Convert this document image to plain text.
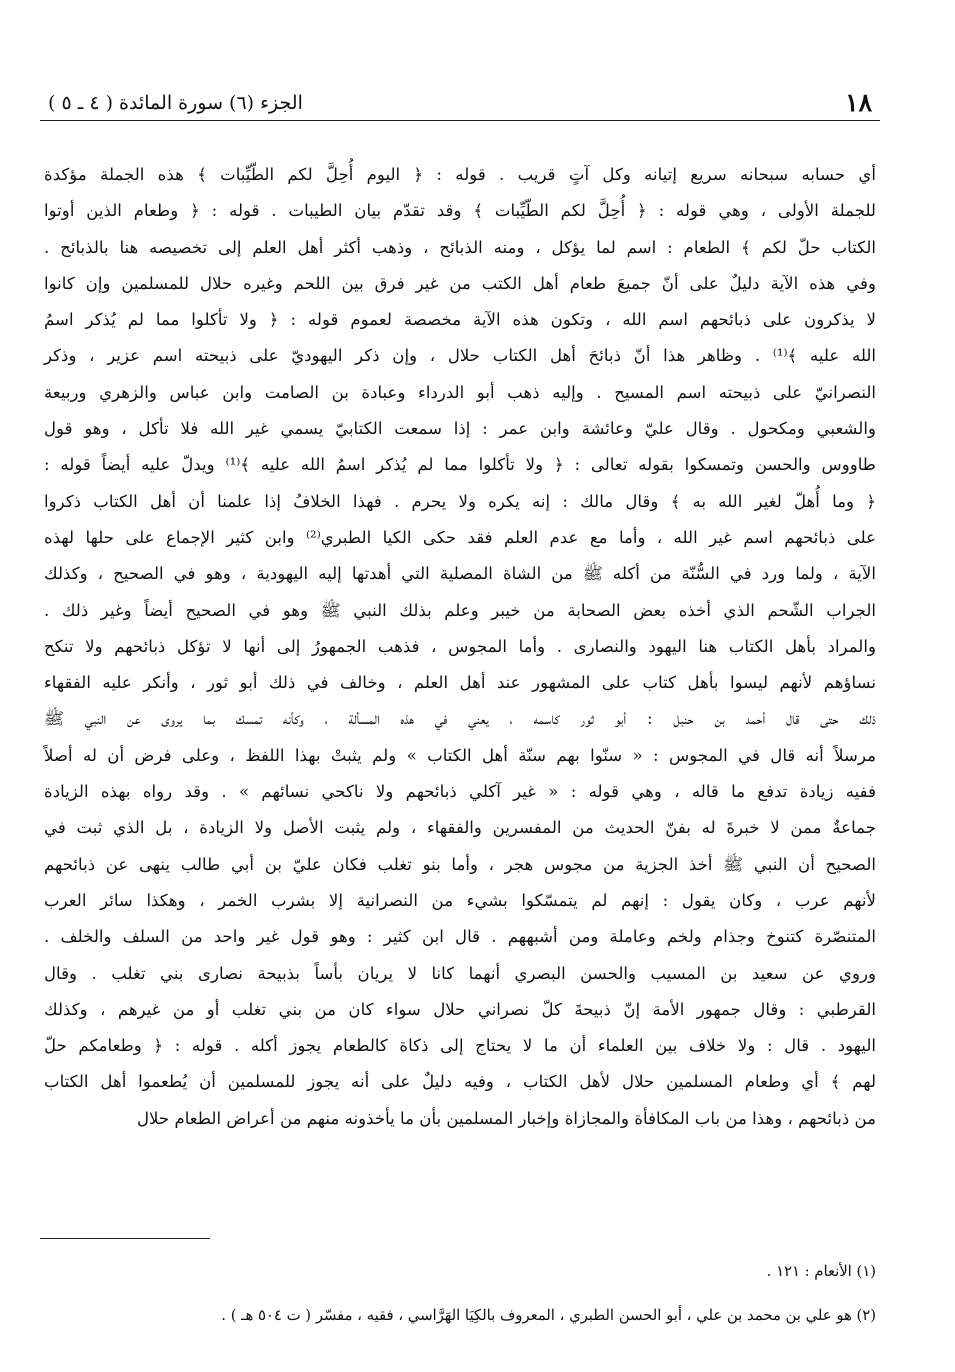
١٨
الجزء (٦) سورة المائدة ( ٤ ـ ٥ )
أي حسابه سبحانه سريع إتيانه وكل آتٍ قريب . قوله : ﴿ اليوم أُحِلَّ لكم الطّيِّبات ﴾ هذه الجملة مؤكدة
للجملة الأولى ، وهي قوله : ﴿ أُحِلَّ لكم الطّيِّبات ﴾ وقد تقدّم بيان الطيبات . قوله : ﴿ وطعام الذين أوتوا
الكتاب حلّ لكم ﴾ الطعام : اسم لما يؤكل ، ومنه الذبائح ، وذهب أكثر أهل العلم إلى تخصيصه هنا بالذبائح .
وفي هذه الآية دليلٌ على أنّ جميعَ طعام أهل الكتب من غير فرق بين اللحم وغيره حلال للمسلمين وإن كانوا
لا يذكرون على ذبائحهم اسم الله ، وتكون هذه الآية مخصصة لعموم قوله : ﴿ ولا تأكلوا مما لم يُذكر اسمُ
الله عليه ﴾⁽¹⁾ . وظاهر هذا أنّ ذبائحَ أهل الكتاب حلال ، وإن ذكر اليهوديّ على ذبيحته اسم عزير ، وذكر
النصرانيّ على ذبيحته اسم المسيح . وإليه ذهب أبو الدرداء وعبادة بن الصامت وابن عباس والزهري وربيعة
والشعبي ومكحول . وقال عليّ وعائشة وابن عمر : إذا سمعت الكتابيّ يسمي غير الله فلا تأكل ، وهو قول
طاووس والحسن وتمسكوا بقوله تعالى : ﴿ ولا تأكلوا مما لم يُذكر اسمُ الله عليه ﴾⁽¹⁾ ويدلّ عليه أيضاً قوله :
﴿ وما أُهلّ لغير الله به ﴾ وقال مالك : إنه يكره ولا يحرم . فهذا الخلافُ إذا علمنا أن أهل الكتاب ذكروا
على ذبائحهم اسم غير الله ، وأما مع عدم العلم فقد حكى الكيا الطبري⁽²⁾ وابن كثير الإجماع على حلها لهذه
الآية ، ولما ورد في السُّنّة من أكله ﷺ من الشاة المصلية التي أهدتها إليه اليهودية ، وهو في الصحيح ، وكذلك
الجراب الشّحم الذي أخذه بعض الصحابة من خيبر وعلم بذلك النبي ﷺ وهو في الصحيح أيضاً وغير ذلك .
والمراد بأهل الكتاب هنا اليهود والنصارى . وأما المجوس ، فذهب الجمهورُ إلى أنها لا تؤكل ذبائحهم ولا تنكح
نساؤهم لأنهم ليسوا بأهل كتاب على المشهور عند أهل العلم ، وخالف في ذلك أبو ثور ، وأنكر عليه الفقهاء
ذلك حتى قال أحمد بن حنبل : أبو ثور كاسمه ، يعني في هذه المسألة ، وكأنه تمسك بما يروى عن النبي ﷺ
مرسلاً أنه قال في المجوس : « سنّوا بهم سنّة أهل الكتاب » ولم يثبتْ بهذا اللفظ ، وعلى فرض أن له أصلاً
ففيه زيادة تدفع ما قاله ، وهي قوله : « غير آكلي ذبائحهم ولا ناكحي نسائهم » . وقد رواه بهذه الزيادة
جماعةٌ ممن لا خبرةَ له بفنّ الحديث من المفسرين والفقهاء ، ولم يثبت الأصل ولا الزيادة ، بل الذي ثبت في
الصحيح أن النبي ﷺ أخذ الجزية من مجوس هجر ، وأما بنو تغلب فكان عليّ بن أبي طالب ينهى عن ذبائحهم
لأنهم عرب ، وكان يقول : إنهم لم يتمسّكوا بشيء من النصرانية إلا بشرب الخمر ، وهكذا سائر العرب
المتنصّرة كتنوخ وجذام ولخم وعاملة ومن أشبههم . قال ابن كثير : وهو قول غير واحد من السلف والخلف .
وروي عن سعيد بن المسيب والحسن البصري أنهما كانا لا يريان بأساً بذبيحة نصارى بني تغلب . وقال
القرطبي : وقال جمهور الأمة إنّ ذبيحةَ كلّ نصراني حلال سواء كان من بني تغلب أو من غيرهم ، وكذلك
اليهود . قال : ولا خلاف بين العلماء أن ما لا يحتاج إلى ذكاة كالطعام يجوز أكله . قوله : ﴿ وطعامكم حلّ
لهم ﴾ أي وطعام المسلمين حلال لأهل الكتاب ، وفيه دليلٌ على أنه يجوز للمسلمين أن يُطعموا أهل الكتاب
من ذبائحهم ، وهذا من باب المكافأة والمجازاة وإخبار المسلمين بأن ما يأخذونه منهم من أعراض الطعام حلال
(١) الأنعام : ١٢١ .
(٢) هو علي بن محمد بن علي ، أبو الحسن الطبري ، المعروف بالكِيَا الهَرَّاسي ، فقيه ، مفسّر ( ت ٥٠٤ هـ ) .
